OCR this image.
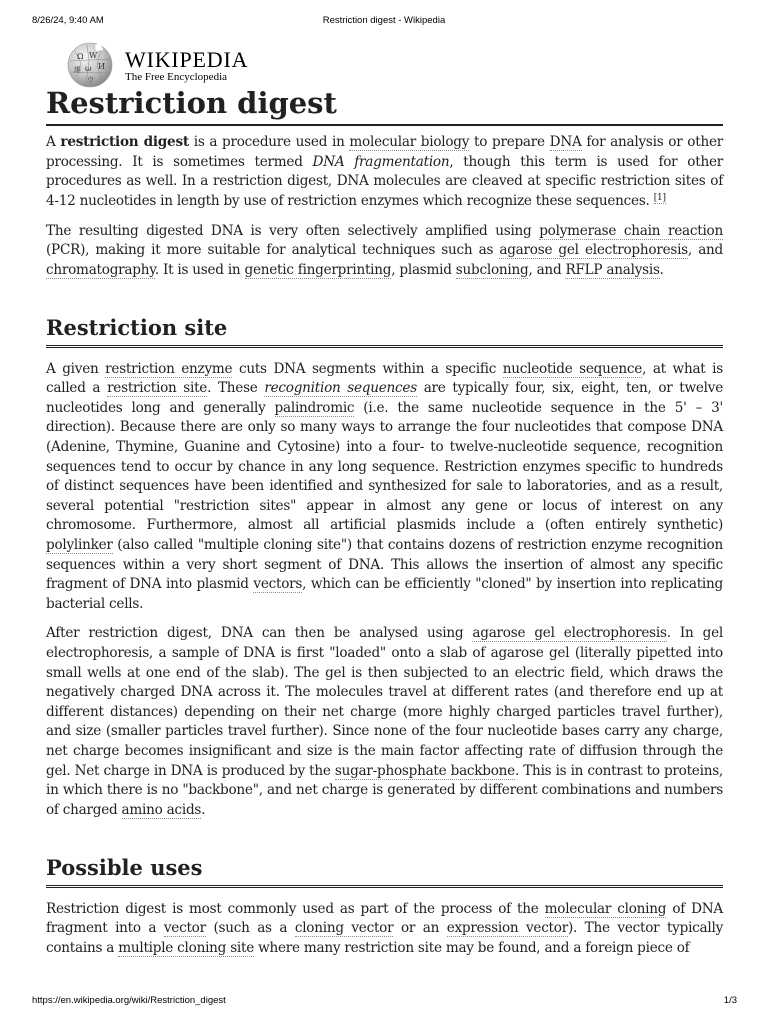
8/26/24, 9:40 AM	Restriction digest - Wikipedia
Ω W
И
維 ω
ウ
WIKIPEDIA
The Free Encyclopedia
Restriction digest

A restriction digest is a procedure used in molecular biology to prepare DNA for analysis or other processing. It is sometimes termed DNA fragmentation, though this term is used for other procedures as well. In a restriction digest, DNA molecules are cleaved at specific restriction sites of 4-12 nucleotides in length by use of restriction enzymes which recognize these sequences. [1]

The resulting digested DNA is very often selectively amplified using polymerase chain reaction (PCR), making it more suitable for analytical techniques such as agarose gel electrophoresis, and chromatography. It is used in genetic fingerprinting, plasmid subcloning, and RFLP analysis.

Restriction site

A given restriction enzyme cuts DNA segments within a specific nucleotide sequence, at what is called a restriction site. These recognition sequences are typically four, six, eight, ten, or twelve nucleotides long and generally palindromic (i.e. the same nucleotide sequence in the 5' – 3' direction). Because there are only so many ways to arrange the four nucleotides that compose DNA (Adenine, Thymine, Guanine and Cytosine) into a four- to twelve-nucleotide sequence, recognition sequences tend to occur by chance in any long sequence. Restriction enzymes specific to hundreds of distinct sequences have been identified and synthesized for sale to laboratories, and as a result, several potential "restriction sites" appear in almost any gene or locus of interest on any chromosome. Furthermore, almost all artificial plasmids include a (often entirely synthetic) polylinker (also called "multiple cloning site") that contains dozens of restriction enzyme recognition sequences within a very short segment of DNA. This allows the insertion of almost any specific fragment of DNA into plasmid vectors, which can be efficiently "cloned" by insertion into replicating bacterial cells.

After restriction digest, DNA can then be analysed using agarose gel electrophoresis. In gel electrophoresis, a sample of DNA is first "loaded" onto a slab of agarose gel (literally pipetted into small wells at one end of the slab). The gel is then subjected to an electric field, which draws the negatively charged DNA across it. The molecules travel at different rates (and therefore end up at different distances) depending on their net charge (more highly charged particles travel further), and size (smaller particles travel further). Since none of the four nucleotide bases carry any charge, net charge becomes insignificant and size is the main factor affecting rate of diffusion through the gel. Net charge in DNA is produced by the sugar-phosphate backbone. This is in contrast to proteins, in which there is no "backbone", and net charge is generated by different combinations and numbers of charged amino acids.

Possible uses

Restriction digest is most commonly used as part of the process of the molecular cloning of DNA fragment into a vector (such as a cloning vector or an expression vector). The vector typically contains a multiple cloning site where many restriction site may be found, and a foreign piece of

https://en.wikipedia.org/wiki/Restriction_digest	1/3
